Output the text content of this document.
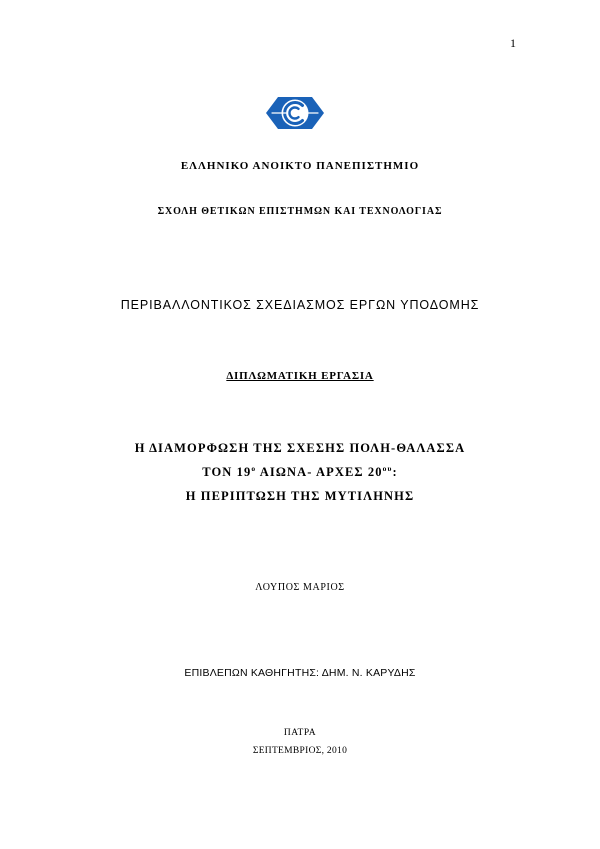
1
ΕΛΛΗΝΙΚΟ ΑΝΟΙΚΤΟ ΠΑΝΕΠΙΣΤΗΜΙΟ
ΣΧΟΛΗ ΘΕΤΙΚΩΝ ΕΠΙΣΤΗΜΩΝ ΚΑΙ ΤΕΧΝΟΛΟΓΙΑΣ
ΠΕΡΙΒΑΛΛΟΝΤΙΚΟΣ ΣΧΕΔΙΑΣΜΟΣ ΕΡΓΩΝ ΥΠΟΔΟΜΗΣ
ΔΙΠΛΩΜΑΤΙΚΗ ΕΡΓΑΣΙΑ
Η ΔΙΑΜΟΡΦΩΣΗ ΤΗΣ ΣΧΕΣΗΣ ΠΟΛΗ-ΘΑΛΑΣΣΑ
ΤΟΝ $19^o$ ΑΙΩΝΑ- ΑΡΧΕΣ $20^{o\upsilon}$:
Η ΠΕΡΙΠΤΩΣΗ ΤΗΣ ΜΥΤΙΛΗΝΗΣ
ΛΟΥΠΟΣ ΜΑΡΙΟΣ
ΕΠΙΒΛΕΠΩΝ ΚΑΘΗΓΗΤΗΣ: ΔΗΜ. Ν. ΚΑΡΥΔΗΣ
ΠΑΤΡΑ
ΣΕΠΤΕΜΒΡΙΟΣ, 2010
